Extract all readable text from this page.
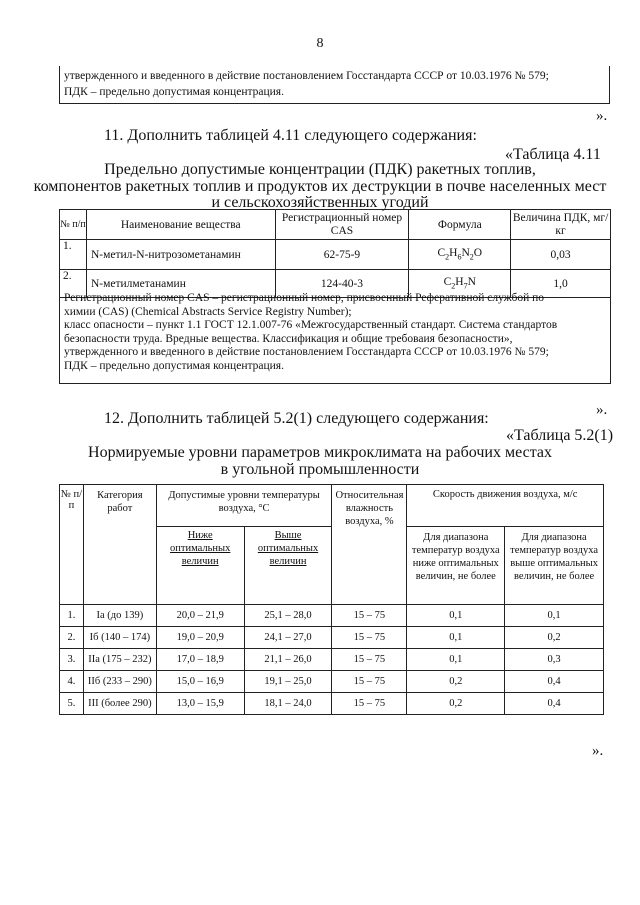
8
утвержденного и введенного в действие постановлением Госстандарта СССР от 10.03.1976 № 579;
ПДК – предельно допустимая концентрация.
».
11. Дополнить таблицей 4.11 следующего содержания:
«Таблица 4.11
Предельно допустимые концентрации (ПДК) ракетных топлив,
компонентов ракетных топлив и продуктов их деструкции в почве населенных мест
и сельскохозяйственных угодий
№ п/п	Наименование вещества	Регистрационный номер CAS	Формула	Величина ПДК, мг/кг
1.	N-метил-N-нитрозометанамин	62-75-9	$C_2H_6N_2O$	0,03
2.	N-метилметанамин	124-40-3	$C_2H_7N$	1,0

Регистрационный номер CAS – регистрационный номер, присвоенный Реферативной службой по
химии (CAS) (Chemical Abstracts Service Registry Number);
класс опасности – пункт 1.1 ГОСТ 12.1.007-76 «Межгосударственный стандарт. Система стандартов
безопасности труда. Вредные вещества. Классификация и общие требоваия безопасности»,
утвержденного и введенного в действие постановлением Госстандарта СССР от 10.03.1976 № 579;
ПДК – предельно допустимая концентрация.
».
12. Дополнить таблицей 5.2(1) следующего содержания:
«Таблица 5.2(1)
Нормируемые уровни параметров микроклимата на рабочих местах
в угольной промышленности
№ п/п	Категория работ	Допустимые уровни температуры воздуха, °С		Относительная влажность воздуха, %	Скорость движения воздуха, м/с	
		Ниже оптимальных величин	Выше оптимальных величин		Для диапазона температур воздуха ниже оптимальных величин, не более	Для диапазона температур воздуха выше оптимальных величин, не более
1.	Ia (до 139)	20,0 – 21,9	25,1 – 28,0	15 – 75	0,1	0,1
2.	Iб (140 – 174)	19,0 – 20,9	24,1 – 27,0	15 – 75	0,1	0,2
3.	IIa (175 – 232)	17,0 – 18,9	21,1 – 26,0	15 – 75	0,1	0,3
4.	IIб (233 – 290)	15,0 – 16,9	19,1 – 25,0	15 – 75	0,2	0,4
5.	III (более 290)	13,0 – 15,9	18,1 – 24,0	15 – 75	0,2	0,4
».
